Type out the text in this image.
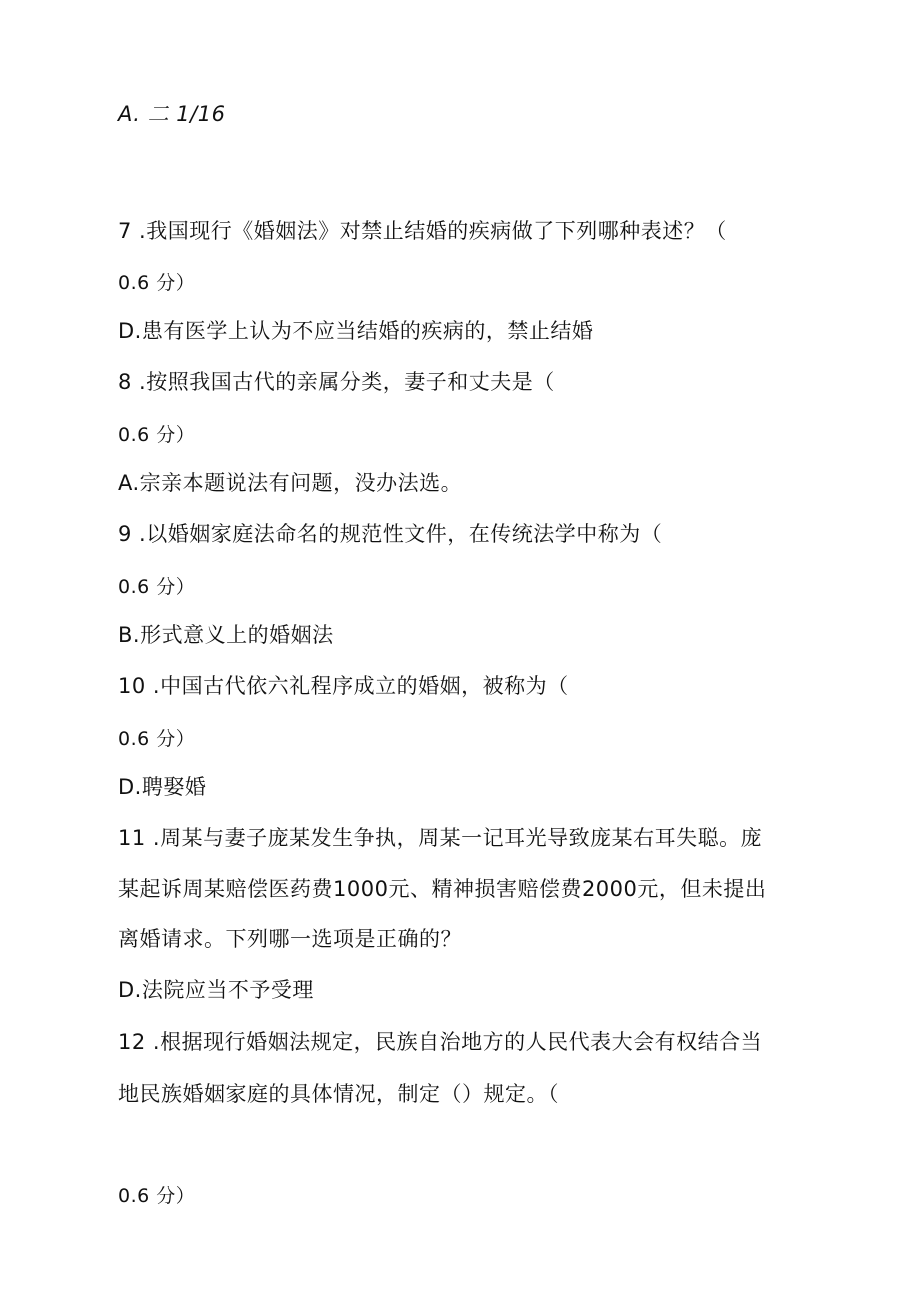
A. 二 1/16
7 .我国现行《婚姻法》对禁止结婚的疾病做了下列哪种表述？（
0.6 分）
D.患有医学上认为不应当结婚的疾病的，禁止结婚
8 .按照我国古代的亲属分类，妻子和丈夫是（
0.6 分）
A.宗亲本题说法有问题，没办法选。
9 .以婚姻家庭法命名的规范性文件，在传统法学中称为（
0.6 分）
B.形式意义上的婚姻法
10 .中国古代依六礼程序成立的婚姻，被称为（
0.6 分）
D.聘娶婚
11 .周某与妻子庞某发生争执，周某一记耳光导致庞某右耳失聪。庞
某起诉周某赔偿医药费1000元、精神损害赔偿费2000元，但未提出
离婚请求。下列哪一选项是正确的？
D.法院应当不予受理
12 .根据现行婚姻法规定，民族自治地方的人民代表大会有权结合当
地民族婚姻家庭的具体情况，制定（）规定。（
0.6 分）
